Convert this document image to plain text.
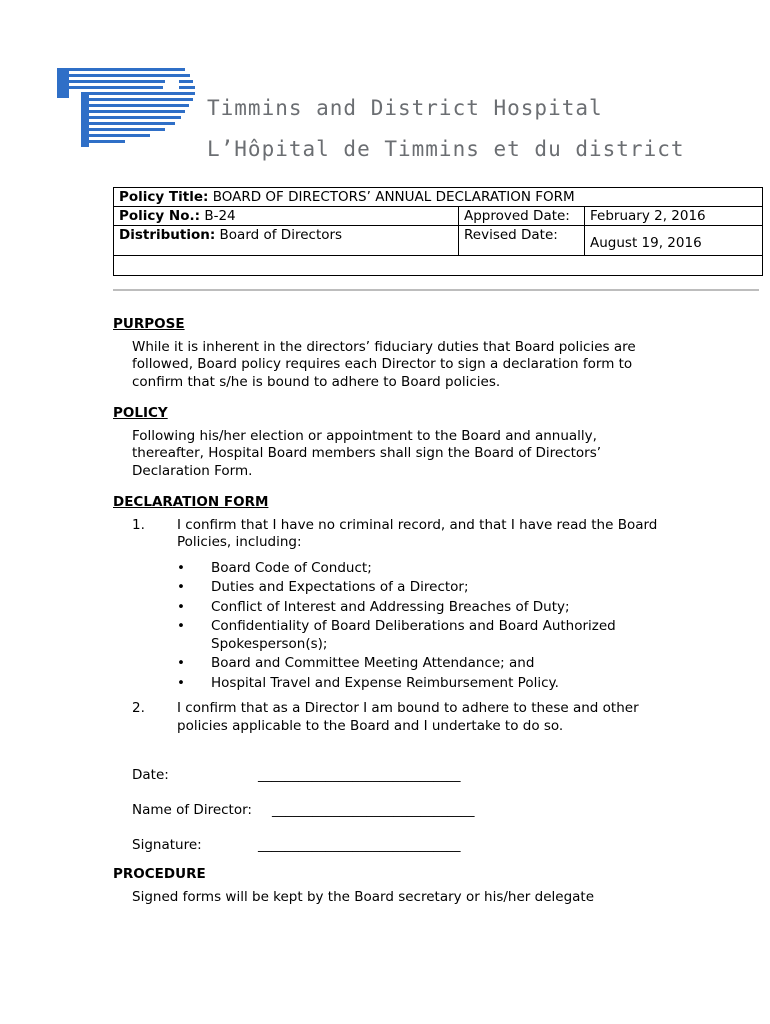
Timmins and District Hospital
L’Hôpital de Timmins et du district
Policy Title: BOARD OF DIRECTORS’ ANNUAL DECLARATION FORM		
Policy No.: B-24	Approved Date:	February 2, 2016
Distribution: Board of Directors	Revised Date:	August 19, 2016

PURPOSE
While it is inherent in the directors’ fiduciary duties that Board policies are followed, Board policy requires each Director to sign a declaration form to confirm that s/he is bound to adhere to Board policies.
POLICY
Following his/her election or appointment to the Board and annually, thereafter, Hospital Board members shall sign the Board of Directors’ Declaration Form.
DECLARATION FORM
1. I confirm that I have no criminal record, and that I have read the Board Policies, including:
• Board Code of Conduct;
• Duties and Expectations of a Director;
• Conflict of Interest and Addressing Breaches of Duty;
• Confidentiality of Board Deliberations and Board Authorized Spokesperson(s);
• Board and Committee Meeting Attendance; and
• Hospital Travel and Expense Reimbursement Policy.
2. I confirm that as a Director I am bound to adhere to these and other policies applicable to the Board and I undertake to do so.
Date:	______________________________
Name of Director: ______________________________
Signature:	______________________________
PROCEDURE
Signed forms will be kept by the Board secretary or his/her delegate
